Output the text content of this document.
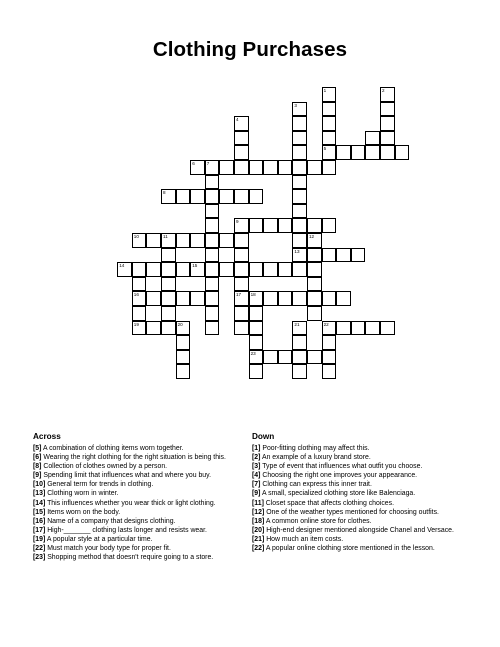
Clothing Purchases
1	2
3
4
5
6	7
8
9
10	11	12
13
14	15
16	17 18
19	20	21	22
23
Across
[5] A combination of clothing items worn together.
[6] Wearing the right clothing for the right situation is being this.
[8] Collection of clothes owned by a person.
[9] Spending limit that influences what and where you buy.
[10] General term for trends in clothing.
[13] Clothing worn in winter.
[14] This influences whether you wear thick or light clothing.
[15] Items worn on the body.
[16] Name of a company that designs clothing.
[17] High-_______ clothing lasts longer and resists wear.
[19] A popular style at a particular time.
[22] Must match your body type for proper fit.
[23] Shopping method that doesn't require going to a store.
Down
[1] Poor-fitting clothing may affect this.
[2] An example of a luxury brand store.
[3] Type of event that influences what outfit you choose.
[4] Choosing the right one improves your appearance.
[7] Clothing can express this inner trait.
[9] A small, specialized clothing store like Balenciaga.
[11] Closet space that affects clothing choices.
[12] One of the weather types mentioned for choosing outfits.
[18] A common online store for clothes.
[20] High-end designer mentioned alongside Chanel and Versace.
[21] How much an item costs.
[22] A popular online clothing store mentioned in the lesson.
